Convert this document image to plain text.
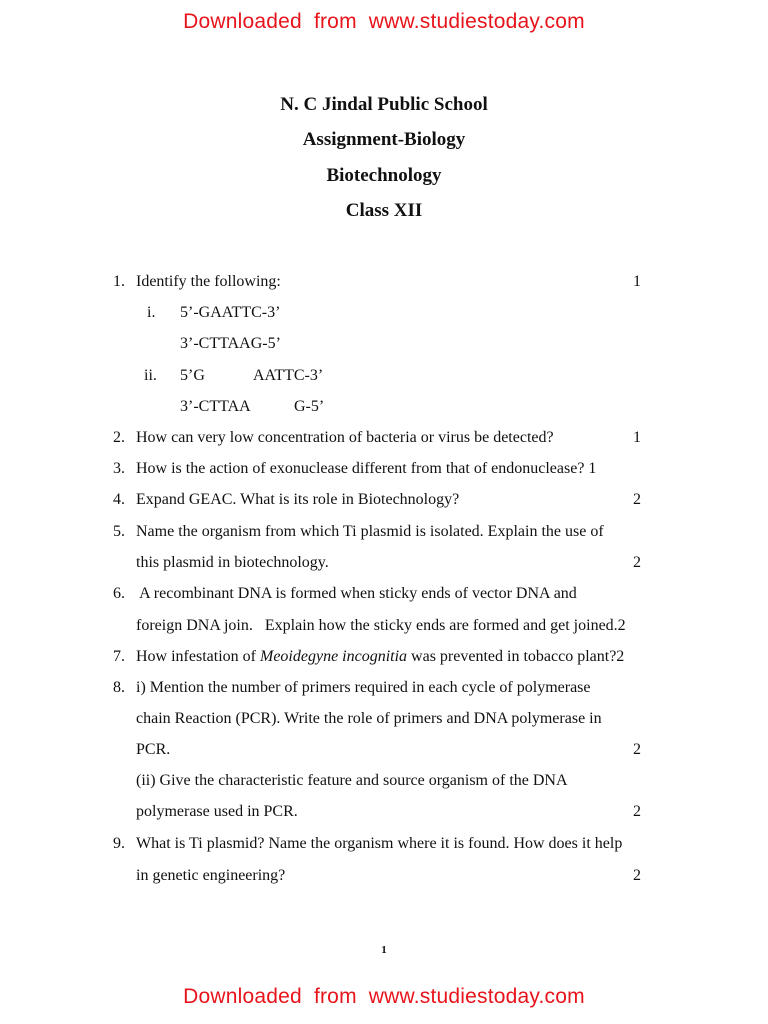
Downloaded from www.studiestoday.com
N. C Jindal Public School
Assignment-Biology
Biotechnology
Class XII
1. Identify the following:	1
i. 5’-GAATTC-3’
3’-CTTAAG-5’
ii. 5’G	AATTC-3’
3’-CTTAA	G-5’
2. How can very low concentration of bacteria or virus be detected?	1
3. How is the action of exonuclease different from that of endonuclease? 1
4. Expand GEAC. What is its role in Biotechnology?	2
5. Name the organism from which Ti plasmid is isolated. Explain the use of
this plasmid in biotechnology.	2
6. A recombinant DNA is formed when sticky ends of vector DNA and
foreign DNA join.   Explain how the sticky ends are formed and get joined.2
7. How infestation of Meoidegyne incognitia was prevented in tobacco plant?2
8. i) Mention the number of primers required in each cycle of polymerase
chain Reaction (PCR). Write the role of primers and DNA polymerase in
PCR.	2
(ii) Give the characteristic feature and source organism of the DNA
polymerase used in PCR.	2
9. What is Ti plasmid? Name the organism where it is found. How does it help
in genetic engineering?	2
1
Downloaded from www.studiestoday.com
